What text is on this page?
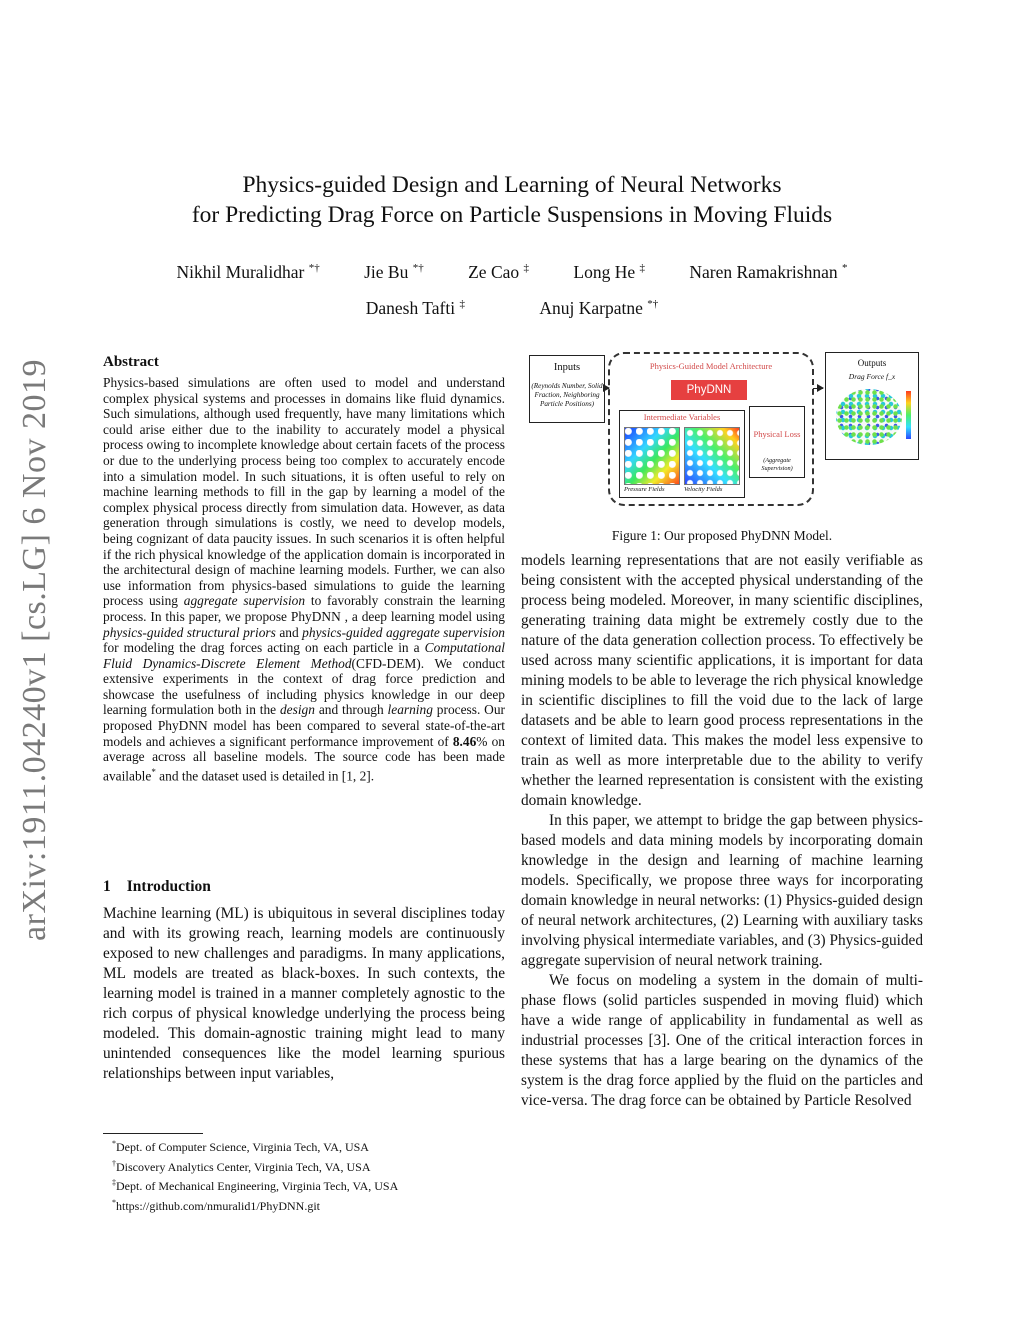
arXiv:1911.04240v1 [cs.LG] 6 Nov 2019
Physics-guided Design and Learning of Neural Networks
for Predicting Drag Force on Particle Suspensions in Moving Fluids
Nikhil Muralidhar *†	Jie Bu *†	Ze Cao ‡	Long He ‡	Naren Ramakrishnan *
Danesh Tafti ‡	Anuj Karpatne *†
Abstract
Physics-based simulations are often used to model and understand complex physical systems and processes in domains like fluid dynamics. Such simulations, although used frequently, have many limitations which could arise either due to the inability to accurately model a physical process owing to incomplete knowledge about certain facets of the process or due to the underlying process being too complex to accurately encode into a simulation model. In such situations, it is often useful to rely on machine learning methods to fill in the gap by learning a model of the complex physical process directly from simulation data. However, as data generation through simulations is costly, we need to develop models, being cognizant of data paucity issues. In such scenarios it is often helpful if the rich physical knowledge of the application domain is incorporated in the architectural design of machine learning models. Further, we can also use information from physics-based simulations to guide the learning process using aggregate supervision to favorably constrain the learning process. In this paper, we propose PhyDNN , a deep learning model using physics-guided structural priors and physics-guided aggregate supervision for modeling the drag forces acting on each particle in a Computational Fluid Dynamics-Discrete Element Method(CFD-DEM). We conduct extensive experiments in the context of drag force prediction and showcase the usefulness of including physics knowledge in our deep learning formulation both in the design and through learning process. Our proposed PhyDNN model has been compared to several state-of-the-art models and achieves a significant performance improvement of 8.46% on average across all baseline models. The source code has been made available* and the dataset used is detailed in [1, 2].
1 Introduction
Machine learning (ML) is ubiquitous in several disciplines today and with its growing reach, learning models are continuously exposed to new challenges and paradigms. In many applications, ML models are treated as black-boxes. In such contexts, the learning model is trained in a manner completely agnostic to the rich corpus of physical knowledge underlying the process being modeled. This domain-agnostic training might lead to many unintended consequences like the model learning spurious relationships between input variables,
*Dept. of Computer Science, Virginia Tech, VA, USA
†Discovery Analytics Center, Virginia Tech, VA, USA
‡Dept. of Mechanical Engineering, Virginia Tech, VA, USA
*https://github.com/nmuralid1/PhyDNN.git
Inputs
(Reynolds Number, Solid Fraction, Neighboring Particle Positions)
Physics-Guided Model Architecture
PhyDNN
Intermediate Variables
Pressure Fields	Velocity Fields
Physical Loss
(Aggregate Supervision)
Outputs
Drag Force f_x
Figure 1: Our proposed PhyDNN Model.

models learning representations that are not easily verifiable as being consistent with the accepted physical understanding of the process being modeled. Moreover, in many scientific disciplines, generating training data might be extremely costly due to the nature of the data generation collection process. To effectively be used across many scientific applications, it is important for data mining models to be able to leverage the rich physical knowledge in scientific disciplines to fill the void due to the lack of large datasets and be able to learn good process representations in the context of limited data. This makes the model less expensive to train as well as more interpretable due to the ability to verify whether the learned representation is consistent with the existing domain knowledge.

In this paper, we attempt to bridge the gap between physics-based models and data mining models by incorporating domain knowledge in the design and learning of machine learning models. Specifically, we propose three ways for incorporating domain knowledge in neural networks: (1) Physics-guided design of neural network architectures, (2) Learning with auxiliary tasks involving physical intermediate variables, and (3) Physics-guided aggregate supervision of neural network training.

We focus on modeling a system in the domain of multi-phase flows (solid particles suspended in moving fluid) which have a wide range of applicability in fundamental as well as industrial processes [3]. One of the critical interaction forces in these systems that has a large bearing on the dynamics of the system is the drag force applied by the fluid on the particles and vice-versa. The drag force can be obtained by Particle Resolved
